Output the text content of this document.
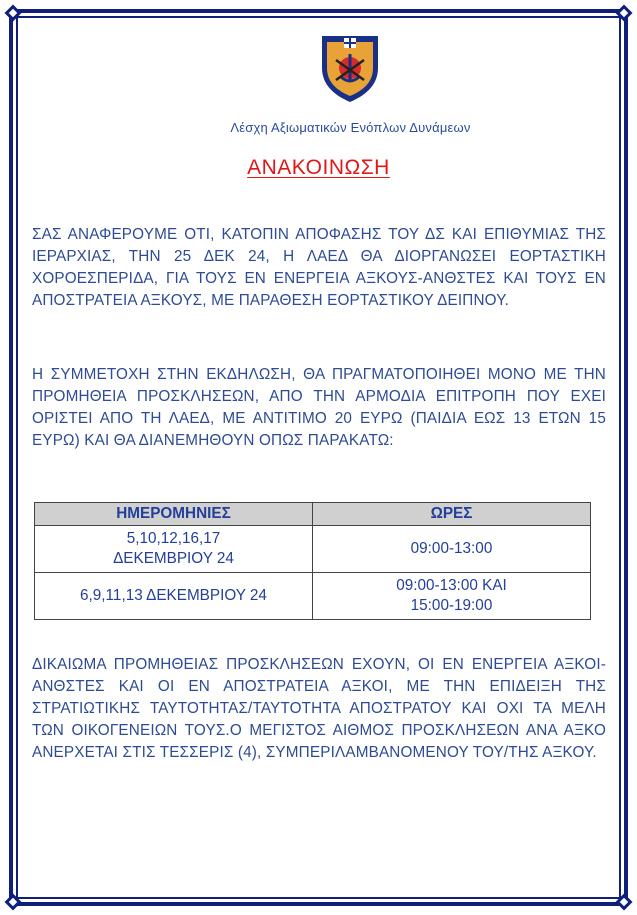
Λέσχη Αξιωματικών Ενόπλων Δυνάμεων
ΑΝΑΚΟΙΝΩΣΗ

ΣΑΣ ΑΝΑΦΕΡΟΥΜΕ ΟΤΙ, ΚΑΤΟΠΙΝ ΑΠΟΦΑΣΗΣ ΤΟΥ ΔΣ ΚΑΙ ΕΠΙΘΥΜΙΑΣ ΤΗΣ ΙΕΡΑΡΧΙΑΣ, ΤΗΝ 25 ΔΕΚ 24, Η ΛΑΕΔ ΘΑ ΔΙΟΡΓΑΝΩΣΕΙ ΕΟΡΤΑΣΤΙΚΗ ΧΟΡΟΕΣΠΕΡΙΔΑ, ΓΙΑ ΤΟΥΣ ΕΝ ΕΝΕΡΓΕΙΑ ΑΞΚΟΥΣ-ΑΝΘΣΤΕΣ ΚΑΙ ΤΟΥΣ ΕΝ ΑΠΟΣΤΡΑΤΕΙΑ ΑΞΚΟΥΣ, ΜΕ ΠΑΡΑΘΕΣΗ ΕΟΡΤΑΣΤΙΚΟΥ ΔΕΙΠΝΟΥ.

Η ΣΥΜΜΕΤΟΧΗ ΣΤΗΝ ΕΚΔΗΛΩΣΗ, ΘΑ ΠΡΑΓΜΑΤΟΠΟΙΗΘΕΙ ΜΟΝΟ ΜΕ ΤΗΝ ΠΡΟΜΗΘΕΙΑ ΠΡΟΣΚΛΗΣΕΩΝ, ΑΠΟ ΤΗΝ ΑΡΜΟΔΙΑ ΕΠΙΤΡΟΠΗ ΠΟΥ ΕΧΕΙ ΟΡΙΣΤΕΙ ΑΠΟ ΤΗ ΛΑΕΔ, ΜΕ ΑΝΤΙΤΙΜΟ 20 ΕΥΡΩ (ΠΑΙΔΙΑ ΕΩΣ 13 ΕΤΩΝ 15 ΕΥΡΩ) ΚΑΙ ΘΑ ΔΙΑΝΕΜΗΘΟΥΝ ΟΠΩΣ ΠΑΡΑΚΑΤΩ:

ΗΜΕΡΟΜΗΝΙΕΣ	ΩΡΕΣ

5,10,12,16,17
ΔΕΚΕΜΒΡΙΟΥ 24	09:00-13:00

6,9,11,13 ΔΕΚΕΜΒΡΙΟΥ 24	09:00-13:00 ΚΑΙ
15:00-19:00

ΔΙΚΑΙΩΜΑ ΠΡΟΜΗΘΕΙΑΣ ΠΡΟΣΚΛΗΣΕΩΝ ΕΧΟΥΝ, ΟΙ ΕΝ ΕΝΕΡΓΕΙΑ ΑΞΚΟΙ-ΑΝΘΣΤΕΣ ΚΑΙ ΟΙ ΕΝ ΑΠΟΣΤΡΑΤΕΙΑ ΑΞΚΟΙ, ΜΕ ΤΗΝ ΕΠΙΔΕΙΞΗ ΤΗΣ ΣΤΡΑΤΙΩΤΙΚΗΣ ΤΑΥΤΟΤΗΤΑΣ/ΤΑΥΤΟΤΗΤΑ ΑΠΟΣΤΡΑΤΟΥ ΚΑΙ ΟΧΙ ΤΑ ΜΕΛΗ ΤΩΝ ΟΙΚΟΓΕΝΕΙΩΝ ΤΟΥΣ.Ο ΜΕΓΙΣΤΟΣ ΑΙΘΜΟΣ ΠΡΟΣΚΛΗΣΕΩΝ ΑΝΑ ΑΞΚΟ ΑΝΕΡΧΕΤΑΙ ΣΤΙΣ ΤΕΣΣΕΡΙΣ (4), ΣΥΜΠΕΡΙΛΑΜΒΑΝΟΜΕΝΟΥ ΤΟΥ/ΤΗΣ ΑΞΚΟΥ.
